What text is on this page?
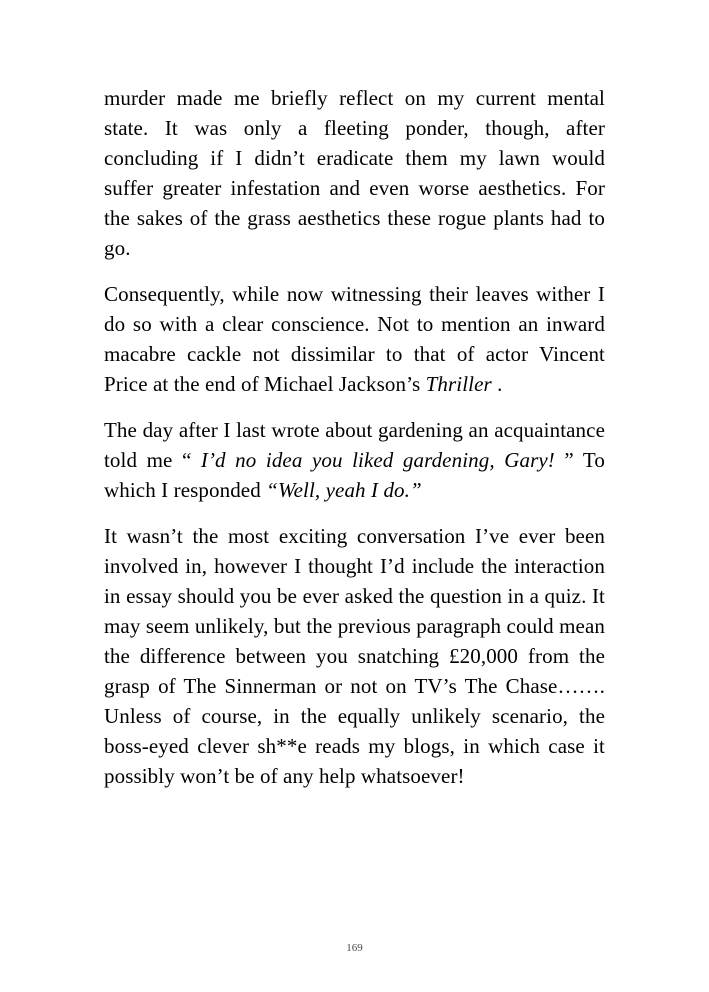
murder made me briefly reflect on my current mental state. It was only a fleeting ponder, though, after concluding if I didn’t eradicate them my lawn would suffer greater infestation and even worse aesthetics. For the sakes of the grass aesthetics these rogue plants had to go.

Consequently, while now witnessing their leaves wither I do so with a clear conscience. Not to mention an inward macabre cackle not dissimilar to that of actor Vincent Price at the end of Michael Jackson’s Thriller .

The day after I last wrote about gardening an acquaintance told me “ I’d no idea you liked gardening, Gary! ” To which I responded “Well, yeah I do.”

It wasn’t the most exciting conversation I’ve ever been involved in, however I thought I’d include the interaction in essay should you be ever asked the question in a quiz. It may seem unlikely, but the previous paragraph could mean the difference between you snatching £20,000 from the grasp of The Sinnerman or not on TV’s The Chase……. Unless of course, in the equally unlikely scenario, the boss-eyed clever sh**e reads my blogs, in which case it possibly won’t be of any help whatsoever!

169
